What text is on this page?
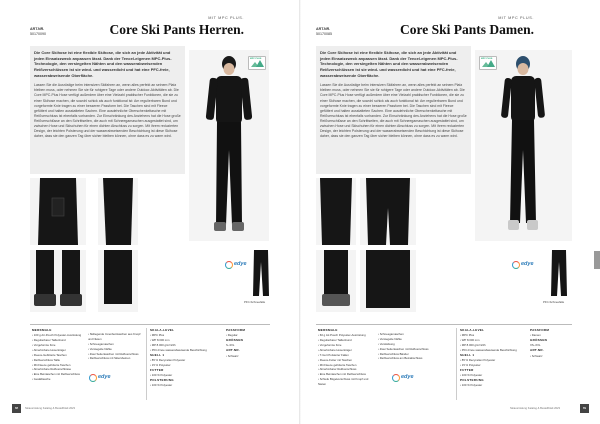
ART.NR.
50170090
MIT MPC PLUS.
Core Ski Pants Herren.

Die Core Skihose ist eine flexible Skihose, die sich an jede Aktivität und jeden Einsatzzweck anpassen lässt. Dank der Tencel-eigenen MPC-Plus-Technologie, den versiegelten Nähten und den wasserabweisenden Reißverschlüssen ist sie wind- und wasserdicht und hat eine PFC-freie, wasserabweisende Oberfläche.

Lassen Sie die Ausrüstige beim intensiven Skifahren an, wenn alles perfekt an seinem Platz bleiben muss, oder nehmen Sie sie für ruhigere Tage oder andere Outdoor-Aktivitäten ab. Die Core MPC-Plus Hose verfügt außerdem über eine Vielzahl praktischer Funktionen, die sie zu einer Skihose machen, die sowohl schick als auch funktional ist: Am regulierbaren Bund und vorgeformte Knie tragen zu einer besseren Passform bei. Die Taschen sind mit Fleece gefüttert und halten ausstatteten Sachen. Eine ausdehnliche Oberschenkeltasche mit Reißverschluss ist ebenfalls vorhanden. Zur Einschränkung des Anziehens hat die Hose große Reißverschlüsse an den Schrittseiten, die auch mit Schneegamaschen ausgestattet sind, um zwischen Hose und Skischuhen für einen dichten Abschluss zu sorgen. Mit ihrem reduzierten Design, der leichten Polsterung und der wasserabweisenden Beschichtung ist diese Skihose daher, dass sie den ganzen Tag über sicher bleiben können, ohne dass es zu warm wird.

MPC PLUS
edye
PFC-Schneefalle
MERKMALE
• 100 g Air-Pouch Polyester-Ausrüstung
• Regulierbarer Taillenbund
• Vorgeformte Knie
• Abnehmbare Hosenträger
• Fleece-Gefütterte Taschen
• Reißverschluss Taille
• Mit Fleece gefütterte Taschen
• Abnehmbare Reißverschlüsse
• Eine Beintaschen mit Reißverschluss
• Gesäßtasche
• Skiliegende Innenbeintaschen aus Knopf und Nieten
• Schneegamaschen
• Versiegelte Nähte
• Zwei Seitentaschen mit Reißverschluss
• Reißverschluss mit Skiersbeinen
SKALA-LEVEL
• MPC Plus
• WP 8.000 mm
• MP 8.000 g/m²/24h
• PFC-Freie wasserabweisende Beschichtung
SHELL 1
• 85 % Recycelten Polyester
• 15 % Polyester
FUTTER
• 100 % Polyester
POLSTERUNG
• 100 % Polyester
PASSFORM
• Regular
GRÖSSEN
S–3XL
ART.NR.
• Schwarz
edye
88	Skiausrüstung Katalog & Bestellblatt 2023
ART.NR.
50170085
MIT MPC PLUS.
Core Ski Pants Damen.

Die Core Skihose ist eine flexible Skihose, die sich an jede Aktivität und jeden Einsatzzweck anpassen lässt. Dank der Tencel-eigenen MPC-Plus-Technologie, den versiegelten Nähten und den wasserabweisenden Reißverschlüssen ist sie wind- und wasserdicht und hat eine PFC-freie, wasserabweisende Oberfläche.

Lassen Sie die Ausrüstige beim intensiven Skifahren an, wenn alles perfekt an seinem Platz bleiben muss, oder nehmen Sie sie für ruhigere Tage oder andere Outdoor-Aktivitäten ab. Die Core MPC-Plus Hose verfügt außerdem über eine Vielzahl praktischer Funktionen, die sie zu einer Skihose machen, die sowohl schick als auch funktional ist: Am regulierbaren Bund und vorgeformte Knie tragen zu einer besseren Passform bei. Die Taschen sind mit Fleece gefüttert und halten ausstatteten Sachen. Eine ausdehnliche Oberschenkeltasche mit Reißverschluss ist ebenfalls vorhanden. Zur Einschränkung des Anziehens hat die Hose große Reißverschlüsse an den Schrittseiten, die auch mit Schneegamaschen ausgestattet sind, um zwischen Hose und Skischuhen für einen dichten Abschluss zu sorgen. Mit ihrem reduzierten Design, der leichten Polsterung und der wasserabweisenden Beschichtung ist diese Skihose daher, dass sie den ganzen Tag über sicher bleiben können, ohne dass es zu warm wird.

MPC PLUS
edye
PFC-Schneefalle
MERKMALE
• 60 g Air-Pouch Polyester-Ausrüstung
• Regulierbarer Taillenbund
• Vorgeformte Knie
• Abnehmbare Hosenträger
• T-Gurt Polsterter Fallen
• Fleece-Futter mit Taschen
• Mit Fleece gefütterte Taschen
• Abnehmbarer Reißverschluss
• Eine Beintaschen mit Reißverschluss
• Schiefe Bügelverschluss mit Knopf und Nieten
• Schneegamaschen
• Versiegelte Nähte
• Verstärkung
• Zwei Seitentaschen mit Reißverschluss
• Reißverschluss Bänder
• Reißverschluss am Beinabschluss
SKALA-LEVEL
• MPC Plus
• WP 8.000 mm
• MP 8.000 g/m²/24h
• PFC-Freie wasserabweisende Beschichtung
SHELL 1
• 85 % Recycelten Polyester
• 15 % Polyester
FUTTER
• 100 % Polyester
POLSTERUNG
• 100 % Polyester
PASSFORM
• Damen
GRÖSSEN
XS–XXL
ART.NR.
• Schwarz
edye
Skiausrüstung Katalog & Bestellblatt 2023	89
